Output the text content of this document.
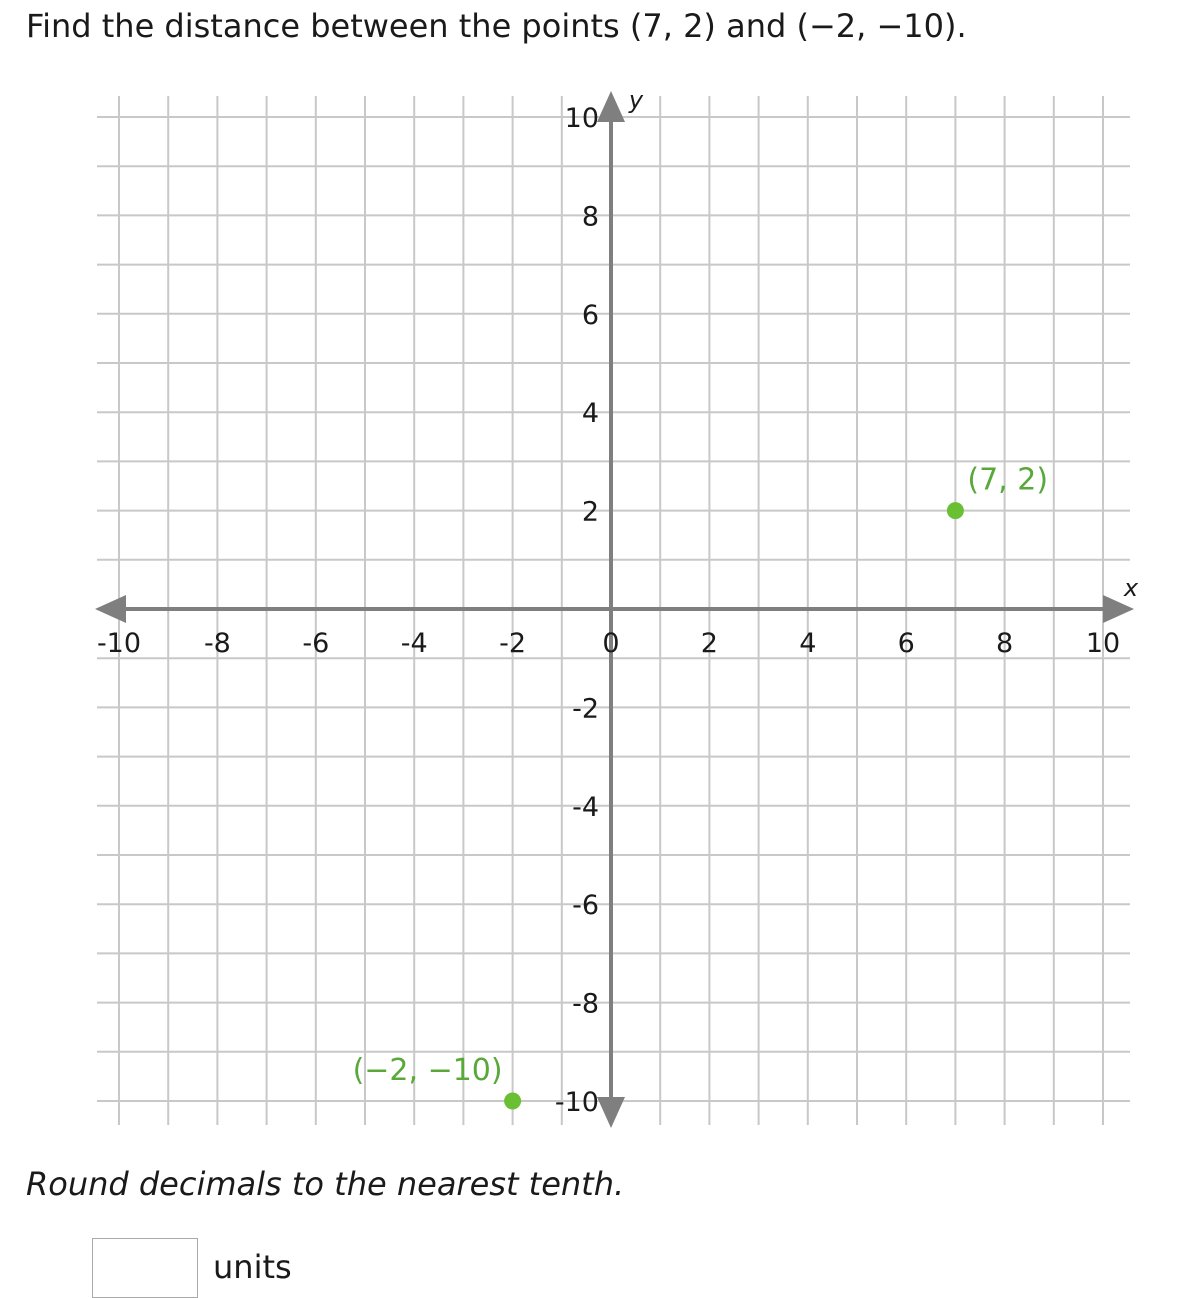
Find the distance between the points (7, 2) and (−2, −10).
x
y
-10 -8	-6	-4	-2	0	2	4	6	8	10
10
8
6
4
2
-2
-4
-6
-8
-10
(7, 2)
(−2, −10)

Round decimals to the nearest tenth.

units
